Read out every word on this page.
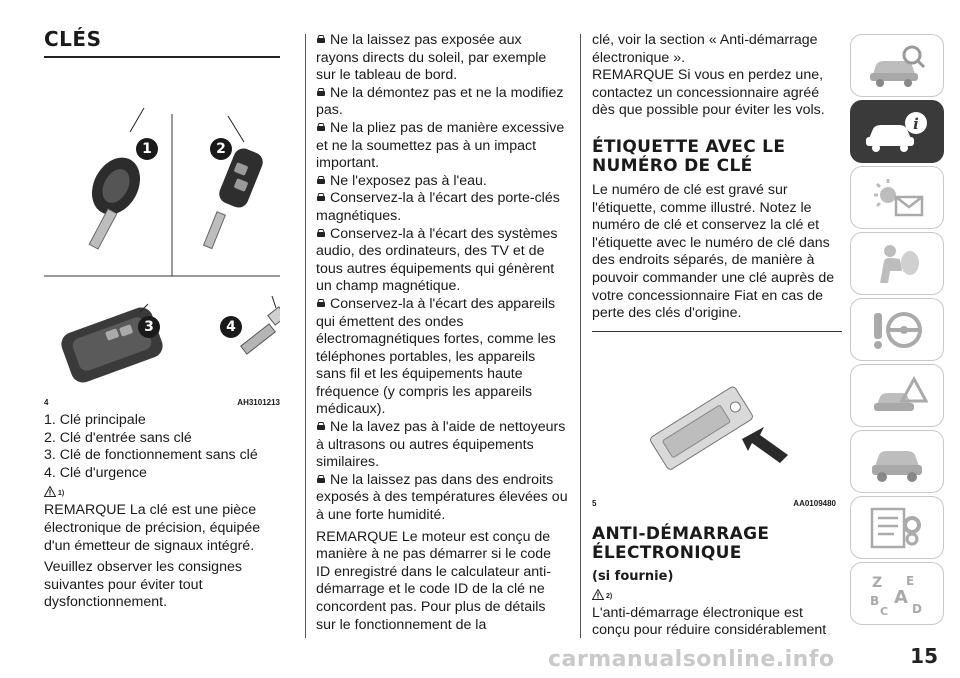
CLÉS
1	2
3	4
4	AH3101213
1. Clé principale
2. Clé d'entrée sans clé
3. Clé de fonctionnement sans clé
4. Clé d'urgence
1)

REMARQUE La clé est une pièce électronique de précision, équipée d'un émetteur de signaux intégré.

Veuillez observer les consignes suivantes pour éviter tout dysfonctionnement.

Ne la laissez pas exposée aux rayons directs du soleil, par exemple sur le tableau de bord.

Ne la démontez pas et ne la modifiez pas.

Ne la pliez pas de manière excessive et ne la soumettez pas à un impact important.

Ne l'exposez pas à l'eau.

Conservez-la à l'écart des porte-clés magnétiques.

Conservez-la à l'écart des systèmes audio, des ordinateurs, des TV et de tous autres équipements qui génèrent un champ magnétique.

Conservez-la à l'écart des appareils qui émettent des ondes électromagnétiques fortes, comme les téléphones portables, les appareils sans fil et les équipements haute fréquence (y compris les appareils médicaux).

Ne la lavez pas à l'aide de nettoyeurs à ultrasons ou autres équipements similaires.

Ne la laissez pas dans des endroits exposés à des températures élevées ou à une forte humidité.

REMARQUE Le moteur est conçu de manière à ne pas démarrer si le code ID enregistré dans le calculateur anti-démarrage et le code ID de la clé ne concordent pas. Pour plus de détails sur le fonctionnement de la

clé, voir la section « Anti-démarrage électronique ».

REMARQUE Si vous en perdez une, contactez un concessionnaire agréé dès que possible pour éviter les vols.

ÉTIQUETTE AVEC LE
NUMÉRO DE CLÉ

Le numéro de clé est gravé sur l'étiquette, comme illustré. Notez le numéro de clé et conservez la clé et l'étiquette avec le numéro de clé dans des endroits séparés, de manière à pouvoir commander une clé auprès de votre concessionnaire Fiat en cas de perte des clés d'origine.

5	AA0109480
ANTI-DÉMARRAGE
ÉLECTRONIQUE
(si fournie)
2)

L'anti-démarrage électronique est conçu pour réduire considérablement

i
Z E
B A
C D
carmanualsonline.info	15
